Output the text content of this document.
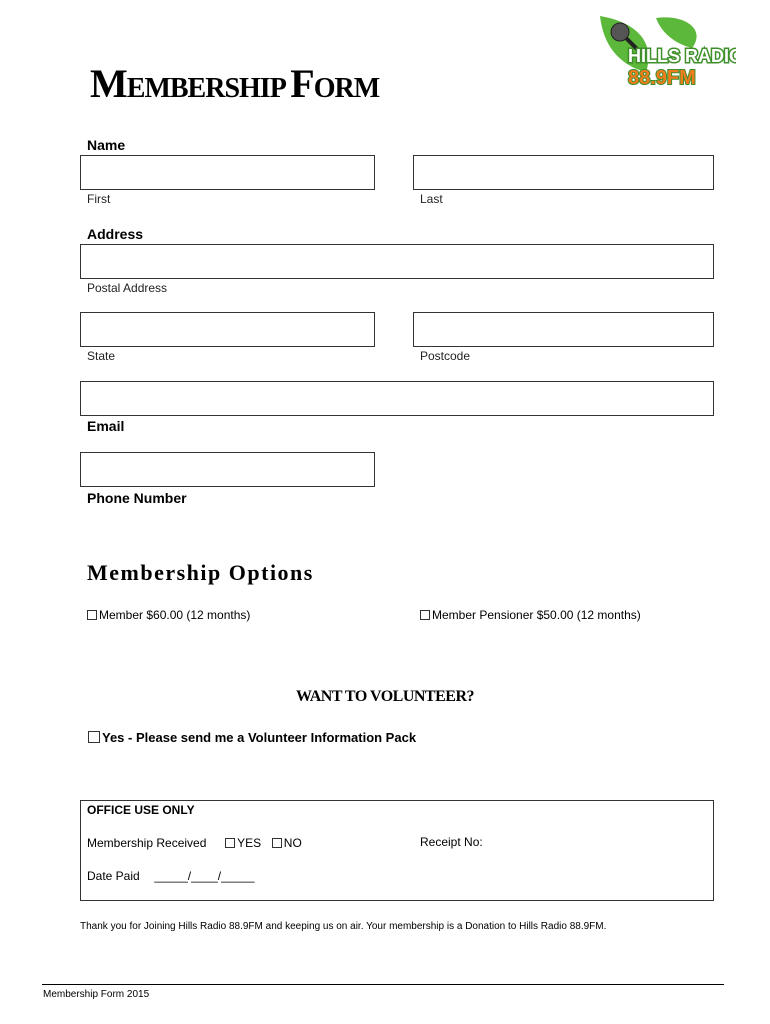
HILLS RADIO
88.9FM
MEMBERSHIP FORM
Name
First	Last
Address
Postal Address
State	Postcode
Email
Phone Number
Membership Options
Member $60.00 (12 months)	Member Pensioner $50.00 (12 months)
WANT TO VOLUNTEER?
Yes - Please send me a Volunteer Information Pack
OFFICE USE ONLY
Membership Received	YES NO	Receipt No:
Date Paid _____/____/_____
Thank you for Joining Hills Radio 88.9FM and keeping us on air. Your membership is a Donation to Hills Radio 88.9FM.
Membership Form 2015
